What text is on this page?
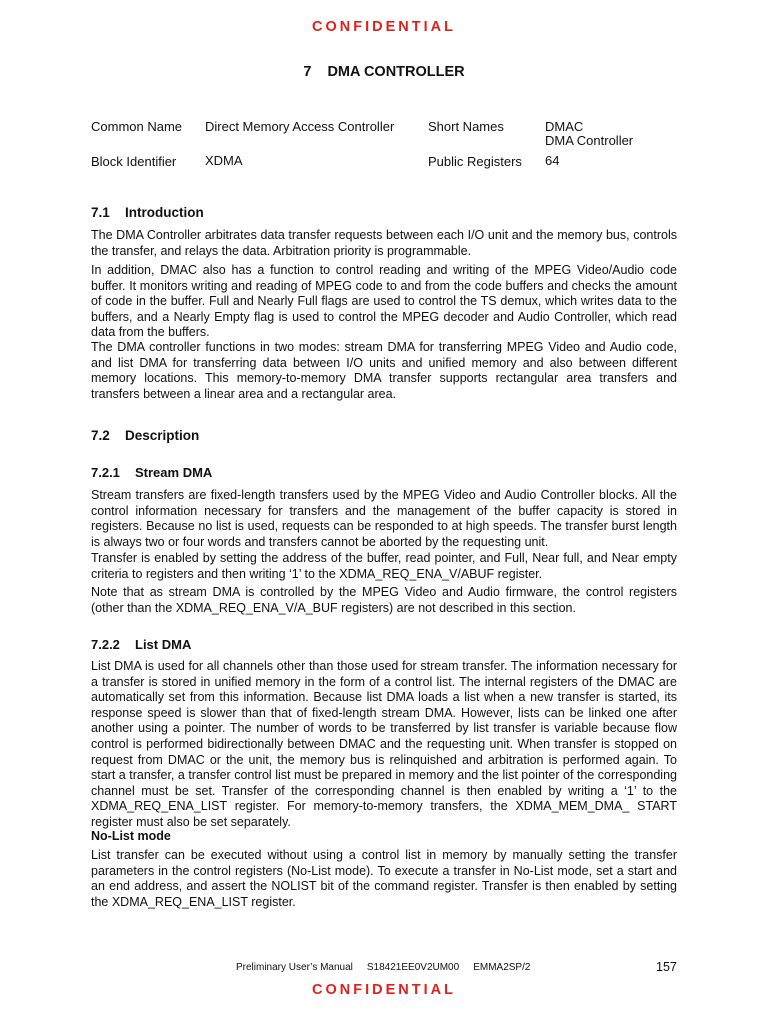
CONFIDENTIAL
7 DMA CONTROLLER
Common Name Direct Memory Access Controller	Short Names	DMAC
DMA Controller
Block Identifier XDMA	Public Registers 64
7.1 Introduction

The DMA Controller arbitrates data transfer requests between each I/O unit and the memory bus, controls the transfer, and relays the data. Arbitration priority is programmable.

In addition, DMAC also has a function to control reading and writing of the MPEG Video/Audio code buffer. It monitors writing and reading of MPEG code to and from the code buffers and checks the amount of code in the buffer. Full and Nearly Full flags are used to control the TS demux, which writes data to the buffers, and a Nearly Empty flag is used to control the MPEG decoder and Audio Controller, which read data from the buffers.

The DMA controller functions in two modes: stream DMA for transferring MPEG Video and Audio code, and list DMA for transferring data between I/O units and unified memory and also between different memory locations. This memory-to-memory DMA transfer supports rectangular area transfers and transfers between a linear area and a rectangular area.

7.2 Description
7.2.1 Stream DMA

Stream transfers are fixed-length transfers used by the MPEG Video and Audio Controller blocks. All the control information necessary for transfers and the management of the buffer capacity is stored in registers. Because no list is used, requests can be responded to at high speeds. The transfer burst length is always two or four words and transfers cannot be aborted by the requesting unit.

Transfer is enabled by setting the address of the buffer, read pointer, and Full, Near full, and Near empty criteria to registers and then writing ‘1’ to the XDMA_REQ_ENA_V/ABUF register.

Note that as stream DMA is controlled by the MPEG Video and Audio firmware, the control registers (other than the XDMA_REQ_ENA_V/A_BUF registers) are not described in this section.

7.2.2 List DMA

List DMA is used for all channels other than those used for stream transfer. The information necessary for a transfer is stored in unified memory in the form of a control list. The internal registers of the DMAC are automatically set from this information. Because list DMA loads a list when a new transfer is started, its response speed is slower than that of fixed-length stream DMA. However, lists can be linked one after another using a pointer. The number of words to be transferred by list transfer is variable because flow control is performed bidirectionally between DMAC and the requesting unit. When transfer is stopped on request from DMAC or the unit, the memory bus is relinquished and arbitration is performed again. To start a transfer, a transfer control list must be prepared in memory and the list pointer of the corresponding channel must be set. Transfer of the corresponding channel is then enabled by writing a ‘1’ to the XDMA_REQ_ENA_LIST register. For memory-to-memory transfers, the XDMA_MEM_DMA_ START register must also be set separately.

No-List mode

List transfer can be executed without using a control list in memory by manually setting the transfer parameters in the control registers (No-List mode). To execute a transfer in No-List mode, set a start and an end address, and assert the NOLIST bit of the command register. Transfer is then enabled by setting the XDMA_REQ_ENA_LIST register.

Preliminary User’s Manual S18421EE0V2UM00 EMMA2SP/2	157
CONFIDENTIAL
